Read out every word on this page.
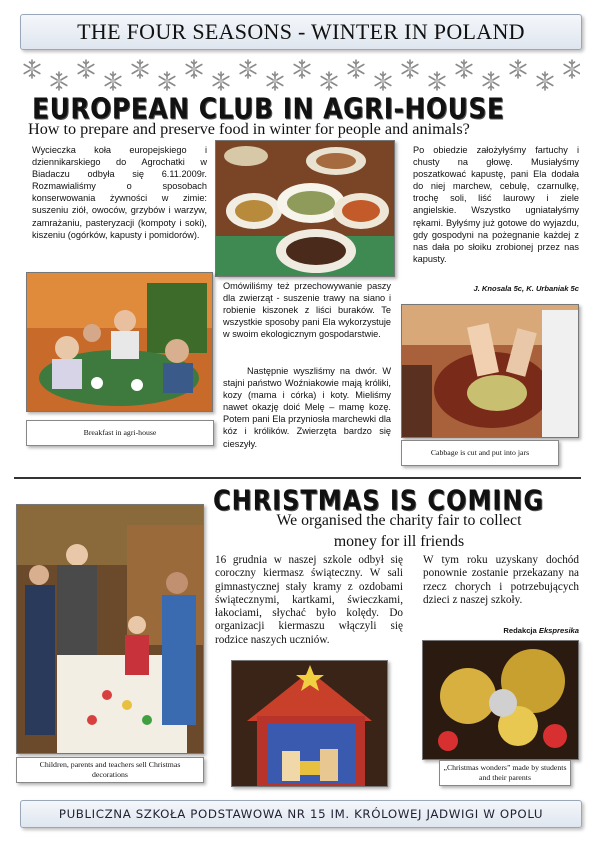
THE FOUR SEASONS - WINTER IN POLAND
EUROPEAN CLUB IN AGRI-HOUSE
How to prepare and preserve food in winter for people and animals?
Wycieczka koła europejskiego i dziennikarskiego do Agrochatki w Biadaczu odbyła się 6.11.2009r. Rozmawialiśmy o sposobach konserwowania żywności w zimie: suszeniu ziół, owoców, grzybów i warzyw, zamrażaniu, pasteryzacji (kompoty i soki), kiszeniu (ogórków, kapusty i pomidorów).
Omówiliśmy też przechowywanie paszy dla zwierząt - suszenie trawy na siano i robienie kiszonek z liści buraków. Te wszystkie sposoby pani Ela wykorzystuje w swoim ekologicznym gospodarstwie.
Następnie wyszliśmy na dwór. W stajni państwo Woźniakowie mają króliki, kozy (mama i córka) i koty. Mieliśmy nawet okazję doić Melę – mamę kozę. Potem pani Ela przyniosła marchewki dla kóz i królików. Zwierzęta bardzo się cieszyły.
Po obiedzie założyłyśmy fartuchy i chusty na głowę. Musiałyśmy poszatkować kapustę, pani Ela dodała do niej marchew, cebulę, czarnulkę, trochę soli, liść laurowy i ziele angielskie. Wszystko ugniatałyśmy rękami. Byłyśmy już gotowe do wyjazdu, gdy gospodyni na pożegnanie każdej z nas dała po słoiku zrobionej przez nas kapusty.
J. Knosala 5c, K. Urbaniak 5c
Breakfast in agri-house
Cabbage is cut and put into jars
Children, parents and teachers sell Christmas decorations
CHRISTMAS IS COMING
We organised the charity fair to collect
money for ill friends
16 grudnia w naszej szkole odbył się coroczny kiermasz świąteczny. W sali gimnastycznej stały kramy z ozdobami świątecznymi, kartkami, świeczkami, łakociami, słychać było kolędy. Do organizacji kiermaszu włączyli się rodzice naszych uczniów.
W tym roku uzyskany dochód ponownie zostanie przekazany na rzecz chorych i potrzebujących dzieci z naszej szkoły.
Redakcja Ekspresika
„Christmas wonders” made by students and their parents
PUBLICZNA SZKOŁA PODSTAWOWA NR 15 IM. KRÓLOWEJ JADWIGI W OPOLU
